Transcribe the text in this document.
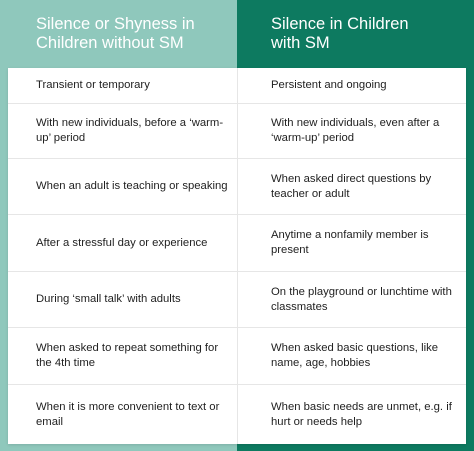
Silence or Shyness in
Children without SM
Silence in Children
with SM
Transient or temporary	Persistent and ongoing
With new individuals, before a ‘warm-up’ period
With new individuals, even after a ‘warm-up’ period
When an adult is teaching or speaking
When asked direct questions by teacher or adult
After a stressful day or experience
Anytime a nonfamily member is present
During ‘small talk’ with adults
On the playground or lunchtime with classmates
When asked to repeat something for the 4th time
When asked basic questions, like name, age, hobbies
When it is more convenient to text or email
When basic needs are unmet, e.g. if hurt or needs help
